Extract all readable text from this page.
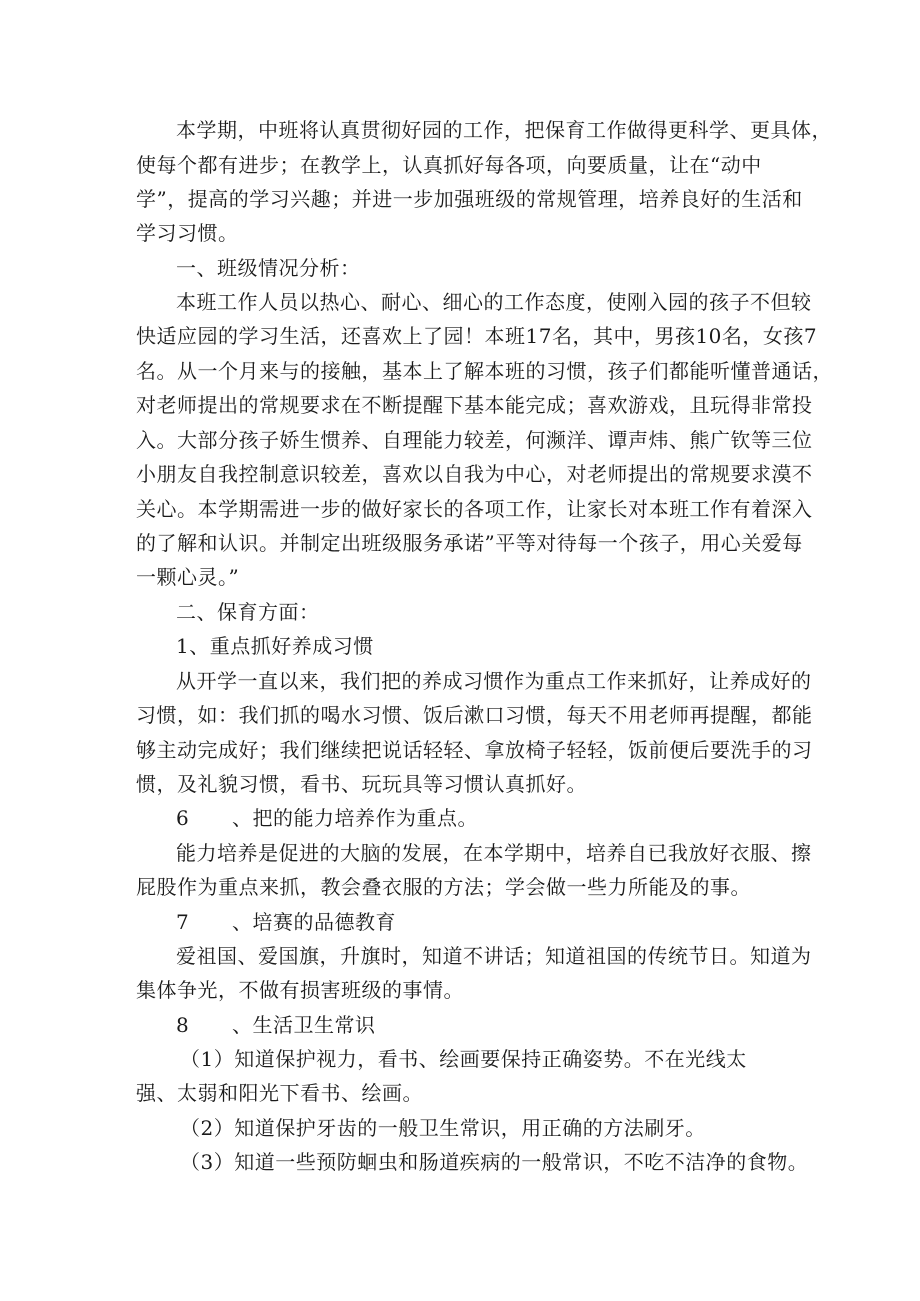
本学期，中班将认真贯彻好园的工作，把保育工作做得更科学、更具体，
使每个都有进步；在教学上，认真抓好每各项，向要质量，让在“动中
学”，提高的学习兴趣；并进一步加强班级的常规管理，培养良好的生活和
学习习惯。
一、班级情况分析：
本班工作人员以热心、耐心、细心的工作态度，使刚入园的孩子不但较
快适应园的学习生活，还喜欢上了园！本班17名，其中，男孩10名，女孩7
名。从一个月来与的接触，基本上了解本班的习惯，孩子们都能听懂普通话，
对老师提出的常规要求在不断提醒下基本能完成；喜欢游戏，且玩得非常投
入。大部分孩子娇生惯养、自理能力较差，何濒洋、谭声炜、熊广钦等三位
小朋友自我控制意识较差，喜欢以自我为中心，对老师提出的常规要求漠不
关心。本学期需进一步的做好家长的各项工作，让家长对本班工作有着深入
的了解和认识。并制定出班级服务承诺”平等对待每一个孩子，用心关爱每
一颗心灵。”
二、保育方面：
1、重点抓好养成习惯
从开学一直以来，我们把的养成习惯作为重点工作来抓好，让养成好的
习惯，如：我们抓的喝水习惯、饭后漱口习惯，每天不用老师再提醒，都能
够主动完成好；我们继续把说话轻轻、拿放椅子轻轻，饭前便后要洗手的习
惯，及礼貌习惯，看书、玩玩具等习惯认真抓好。
6 、把的能力培养作为重点。
能力培养是促进的大脑的发展，在本学期中，培养自已我放好衣服、擦
屁股作为重点来抓，教会叠衣服的方法；学会做一些力所能及的事。
7 、培赛的品德教育
爱祖国、爱国旗，升旗时，知道不讲话；知道祖国的传统节日。知道为
集体争光，不做有损害班级的事情。
8 、生活卫生常识
（1）知道保护视力，看书、绘画要保持正确姿势。不在光线太
强、太弱和阳光下看书、绘画。
（2）知道保护牙齿的一般卫生常识，用正确的方法刷牙。
（3）知道一些预防蛔虫和肠道疾病的一般常识，不吃不洁净的食物。
